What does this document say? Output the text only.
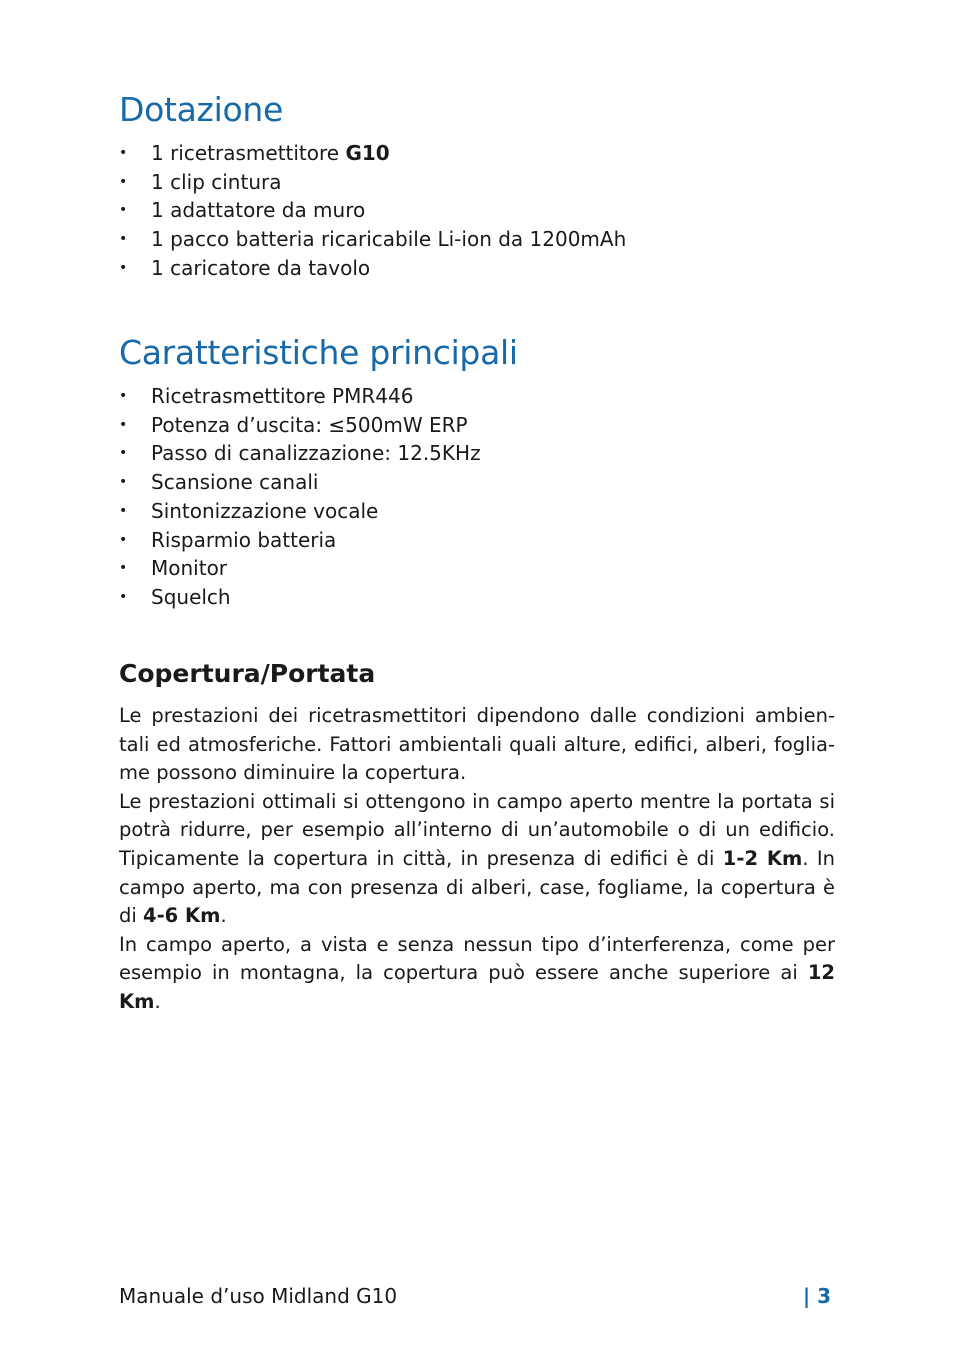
Dotazione
• 1 ricetrasmettitore G10
• 1 clip cintura
• 1 adattatore da muro
• 1 pacco batteria ricaricabile Li-ion da 1200mAh
• 1 caricatore da tavolo
Caratteristiche principali
• Ricetrasmettitore PMR446
• Potenza d’uscita: ≤500mW ERP
• Passo di canalizzazione: 12.5KHz
• Scansione canali
• Sintonizzazione vocale
• Risparmio batteria
• Monitor
• Squelch
Copertura/Portata

Le prestazioni dei ricetrasmettitori dipendono dalle condizioni ambien-tali ed atmosferiche. Fattori ambientali quali alture, edifici, alberi, foglia-me possono diminuire la copertura.

Le prestazioni ottimali si ottengono in campo aperto mentre la portata si potrà ridurre, per esempio all’interno di un’automobile o di un edificio. Tipicamente la copertura in città, in presenza di edifici è di 1-2 Km. In campo aperto, ma con presenza di alberi, case, fogliame, la copertura è di 4-6 Km.

In campo aperto, a vista e senza nessun tipo d’interferenza, come per esempio in montagna, la copertura può essere anche superiore ai 12 Km.

Manuale d’uso Midland G10	| 3
